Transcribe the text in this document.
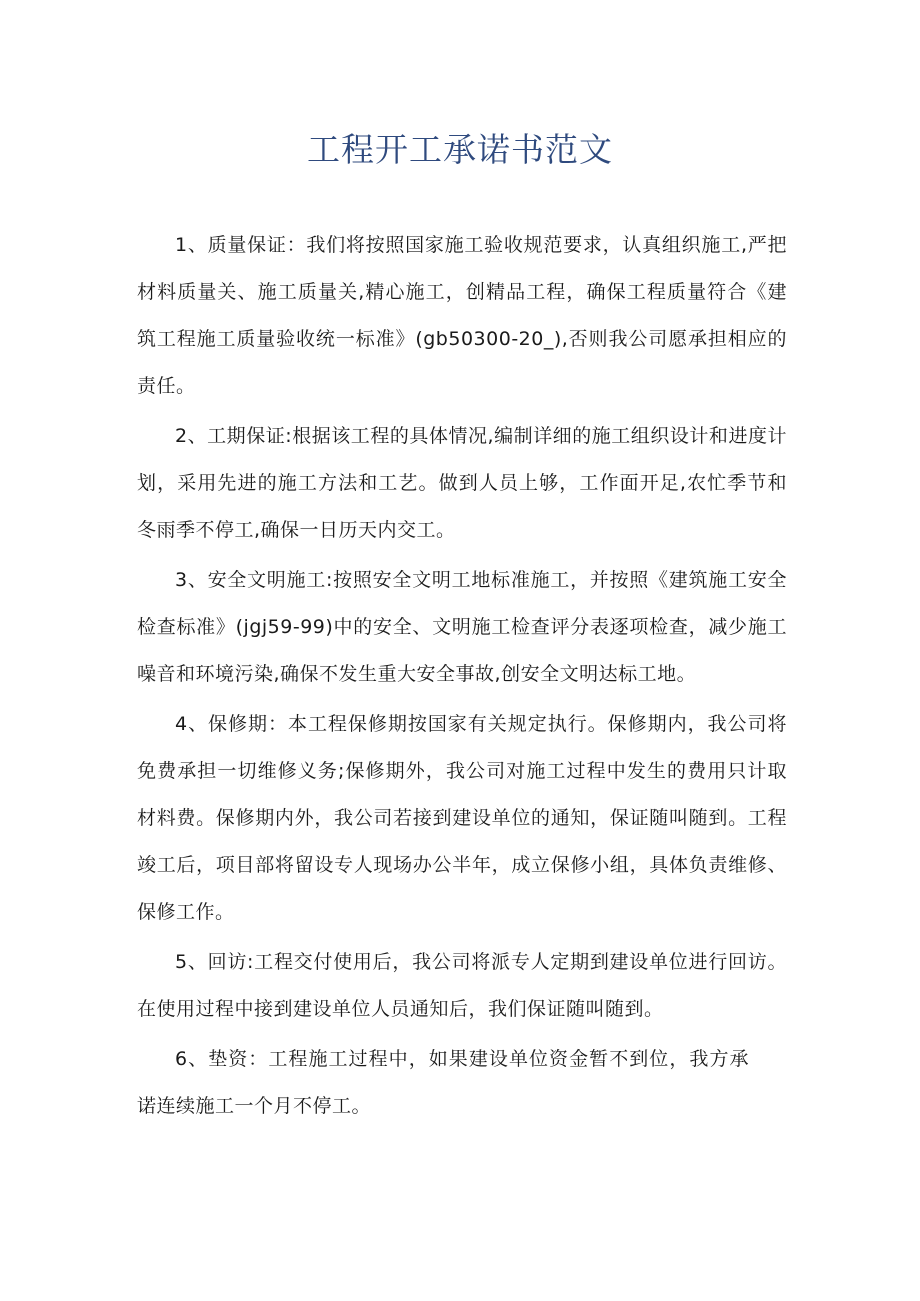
工程开工承诺书范文

1、质量保证：我们将按照国家施工验收规范要求，认真组织施工,严把材料质量关、施工质量关,精心施工，创精品工程，确保工程质量符合《建筑工程施工质量验收统一标准》(gb50300-20_),否则我公司愿承担相应的责任。

2、工期保证:根据该工程的具体情况,编制详细的施工组织设计和进度计划，采用先进的施工方法和工艺。做到人员上够，工作面开足,农忙季节和冬雨季不停工,确保一日历天内交工。

3、安全文明施工:按照安全文明工地标准施工，并按照《建筑施工安全检查标准》(jgj59-99)中的安全、文明施工检查评分表逐项检查，减少施工噪音和环境污染,确保不发生重大安全事故,创安全文明达标工地。

4、保修期：本工程保修期按国家有关规定执行。保修期内，我公司将免费承担一切维修义务;保修期外，我公司对施工过程中发生的费用只计取材料费。保修期内外，我公司若接到建设单位的通知，保证随叫随到。工程竣工后，项目部将留设专人现场办公半年，成立保修小组，具体负责维修、保修工作。

5、回访:工程交付使用后，我公司将派专人定期到建设单位进行回访。在使用过程中接到建设单位人员通知后，我们保证随叫随到。

6、垫资：工程施工过程中，如果建设单位资金暂不到位，我方承诺连续施工一个月不停工。
